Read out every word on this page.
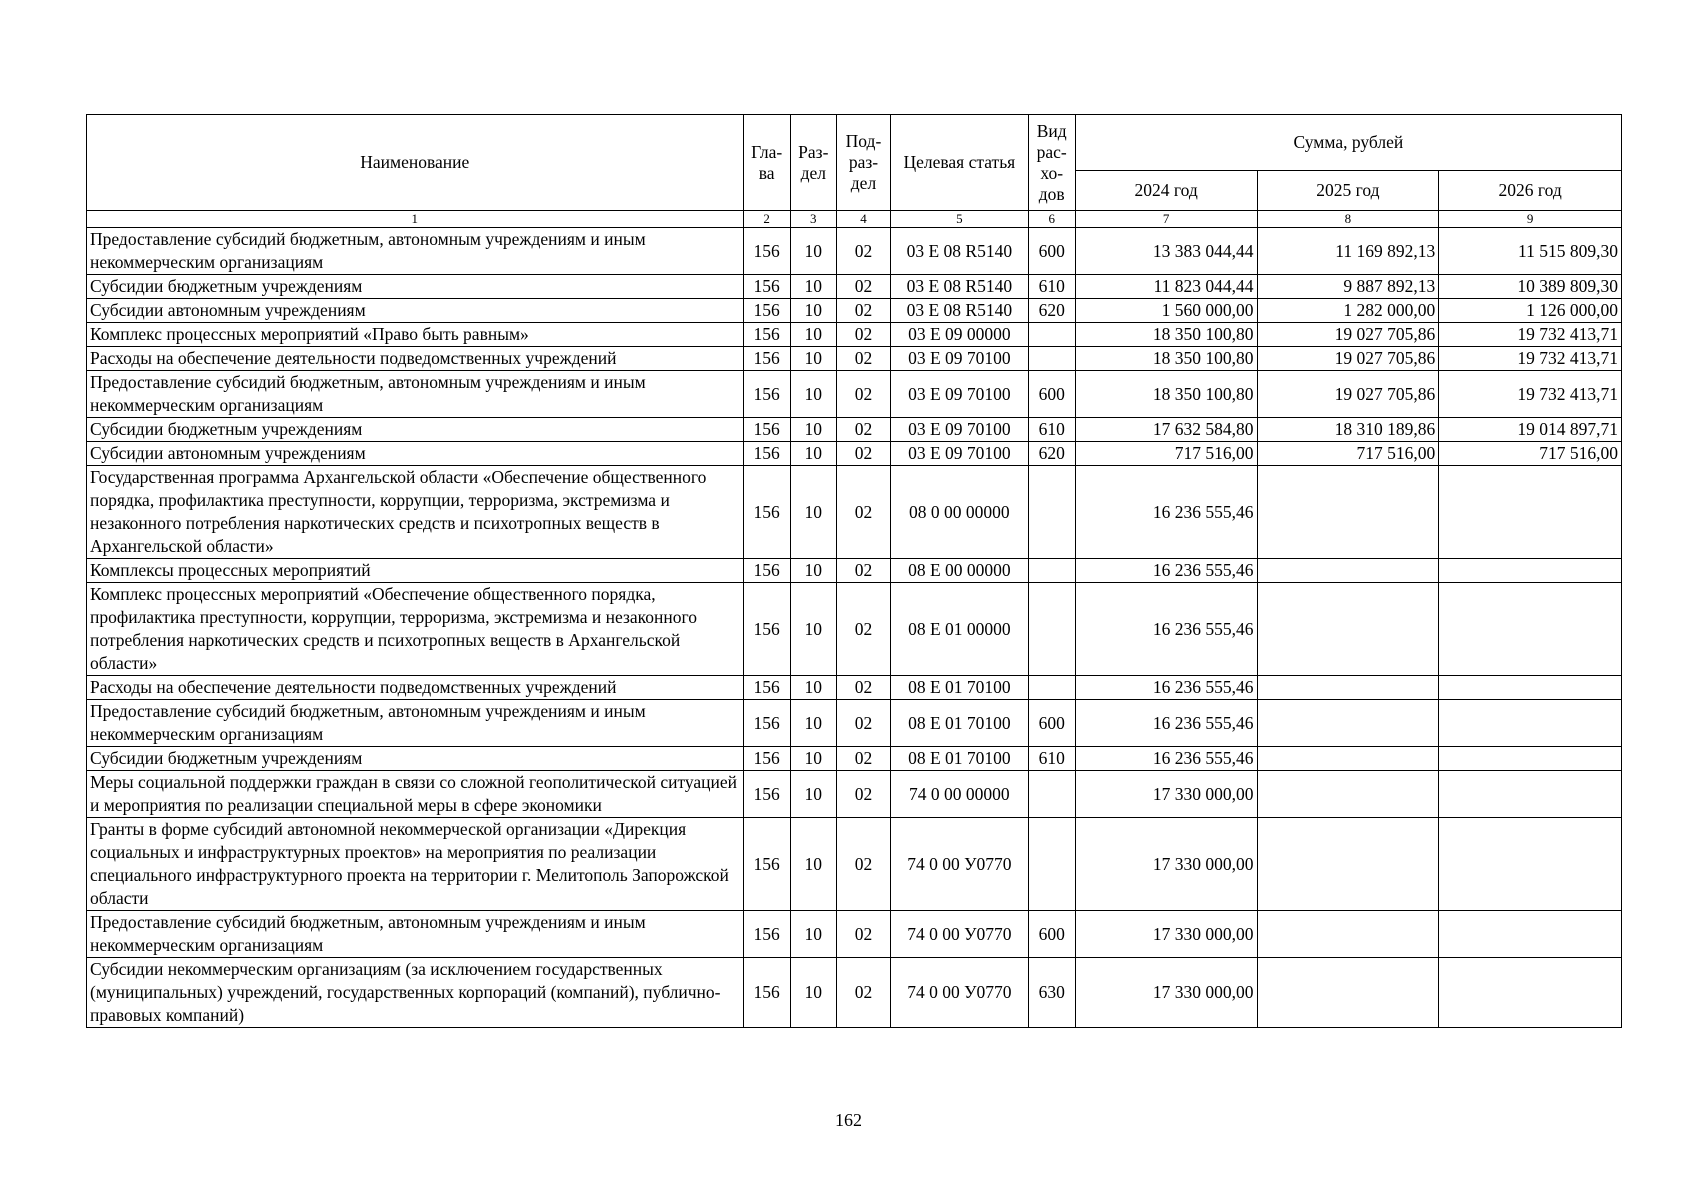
Наименование	Гла-ва	Раз-дел	Под-раз-дел	Целевая статья	Вид рас-хо-дов	Сумма, рублей		
						2024 год	2025 год	2026 год
1	2	3	4	5	6	7	8	9
Предоставление субсидий бюджетным, автономным учреждениям и иным некоммерческим организациям	156	10	02	03 Е 08 R5140	600	13 383 044,44	11 169 892,13	11 515 809,30
Субсидии бюджетным учреждениям	156	10	02	03 Е 08 R5140	610	11 823 044,44	9 887 892,13	10 389 809,30
Субсидии автономным учреждениям	156	10	02	03 Е 08 R5140	620	1 560 000,00	1 282 000,00	1 126 000,00
Комплекс процессных мероприятий «Право быть равным»	156	10	02	03 Е 09 00000		18 350 100,80	19 027 705,86	19 732 413,71
Расходы на обеспечение деятельности подведомственных учреждений	156	10	02	03 Е 09 70100		18 350 100,80	19 027 705,86	19 732 413,71
Предоставление субсидий бюджетным, автономным учреждениям и иным некоммерческим организациям	156	10	02	03 Е 09 70100	600	18 350 100,80	19 027 705,86	19 732 413,71
Субсидии бюджетным учреждениям	156	10	02	03 Е 09 70100	610	17 632 584,80	18 310 189,86	19 014 897,71
Субсидии автономным учреждениям	156	10	02	03 Е 09 70100	620	717 516,00	717 516,00	717 516,00
Государственная программа Архангельской области «Обеспечение общественного порядка, профилактика преступности, коррупции, терроризма, экстремизма и незаконного потребления наркотических средств и психотропных веществ в Архангельской области»	156	10	02	08 0 00 00000		16 236 555,46		
Комплексы процессных мероприятий	156	10	02	08 Е 00 00000		16 236 555,46		
Комплекс процессных мероприятий «Обеспечение общественного порядка, профилактика преступности, коррупции, терроризма, экстремизма и незаконного потребления наркотических средств и психотропных веществ в Архангельской области»	156	10	02	08 Е 01 00000		16 236 555,46		
Расходы на обеспечение деятельности подведомственных учреждений	156	10	02	08 Е 01 70100		16 236 555,46		
Предоставление субсидий бюджетным, автономным учреждениям и иным некоммерческим организациям	156	10	02	08 Е 01 70100	600	16 236 555,46		
Субсидии бюджетным учреждениям	156	10	02	08 Е 01 70100	610	16 236 555,46		
Меры социальной поддержки граждан в связи со сложной геополитической ситуацией и мероприятия по реализации специальной меры в сфере экономики	156	10	02	74 0 00 00000		17 330 000,00		
Гранты в форме субсидий автономной некоммерческой организации «Дирекция социальных и инфраструктурных проектов» на мероприятия по реализации специального инфраструктурного проекта на территории г. Мелитополь Запорожской области	156	10	02	74 0 00 У0770		17 330 000,00		
Предоставление субсидий бюджетным, автономным учреждениям и иным некоммерческим организациям	156	10	02	74 0 00 У0770	600	17 330 000,00		
Субсидии некоммерческим организациям (за исключением государственных (муниципальных) учреждений, государственных корпораций (компаний), публично-правовых компаний)	156	10	02	74 0 00 У0770	630	17 330 000,00		
162
